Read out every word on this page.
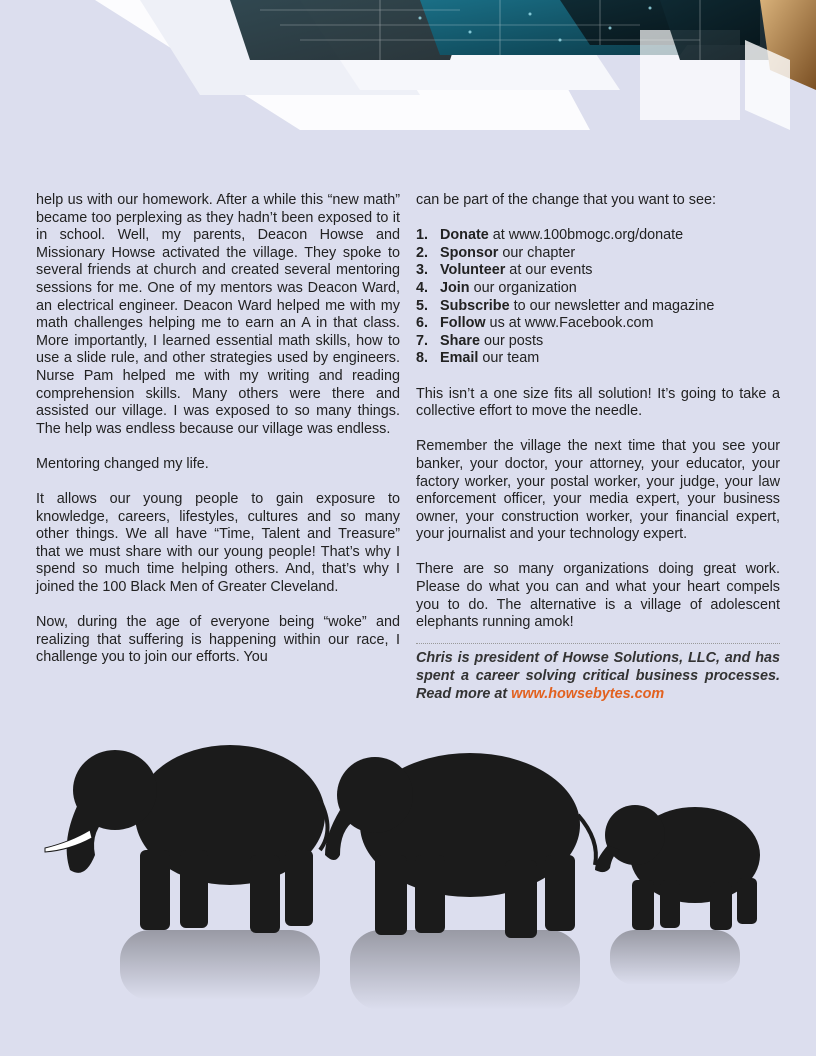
help us with our homework. After a while this “new math” became too perplexing as they hadn’t been exposed to it in school. Well, my parents, Deacon Howse and Missionary Howse activated the village. They spoke to several friends at church and created several mentoring sessions for me. One of my mentors was Deacon Ward, an electrical engineer. Deacon Ward helped me with my math challenges helping me to earn an A in that class. More importantly, I learned essential math skills, how to use a slide rule, and other strategies used by engineers. Nurse Pam helped me with my writing and reading comprehension skills. Many others were there and assisted our village. I was exposed to so many things. The help was endless because our village was endless.

Mentoring changed my life.

It allows our young people to gain exposure to knowledge, careers, lifestyles, cultures and so many other things. We all have “Time, Talent and Treasure” that we must share with our young people! That’s why I spend so much time helping others. And, that’s why I joined the 100 Black Men of Greater Cleveland.

Now, during the age of everyone being “woke” and realizing that suffering is happening within our race, I challenge you to join our efforts. You

can be part of the change that you want to see:

1. Donate at www.100bmogc.org/donate
2. Sponsor our chapter
3. Volunteer at our events
4. Join our organization
5. Subscribe to our newsletter and magazine
6. Follow us at www.Facebook.com
7. Share our posts
8. Email our team

This isn’t a one size fits all solution! It’s going to take a collective effort to move the needle.

Remember the village the next time that you see your banker, your doctor, your attorney, your educator, your factory worker, your postal worker, your judge, your law enforcement officer, your media expert, your business owner, your construction worker, your financial expert, your journalist and your technology expert.

There are so many organizations doing great work. Please do what you can and what your heart compels you to do. The alternative is a village of adolescent elephants running amok!

Chris is president of Howse Solutions, LLC, and has spent a career solving critical business processes. Read more at www.howsebytes.com
